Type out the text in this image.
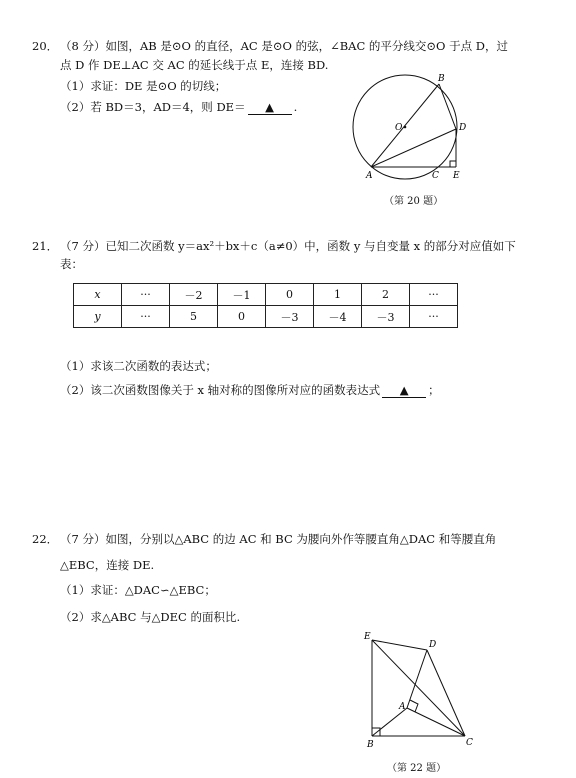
20． （8 分）如图，AB 是⊙O 的直径，AC 是⊙O 的弦，∠BAC 的平分线交⊙O 于点 D，过
点 D 作 DE⊥AC 交 AC 的延长线于点 E，连接 BD.
（1）求证：DE 是⊙O 的切线；
（2）若 BD＝3，AD＝4，则 DE＝ ▲ .
B
O	D
A	C E
（第 20 题）
21． （7 分）已知二次函数 y＝ax²＋bx＋c（a≠0）中，函数 y 与自变量 x 的部分对应值如下
表：
x	···	－2	－1	0	1	2	···
y	···	5	0	－3	－4	－3	···
（1）求该二次函数的表达式；
（2）该二次函数图像关于 x 轴对称的图像所对应的函数表达式 ▲ ；
22． （7 分）如图，分别以△ABC 的边 AC 和 BC 为腰向外作等腰直角△DAC 和等腰直角
△EBC，连接 DE.
（1）求证：△DAC∽△EBC；
（2）求△ABC 与△DEC 的面积比.
E
D
A
B	C
（第 22 题）
